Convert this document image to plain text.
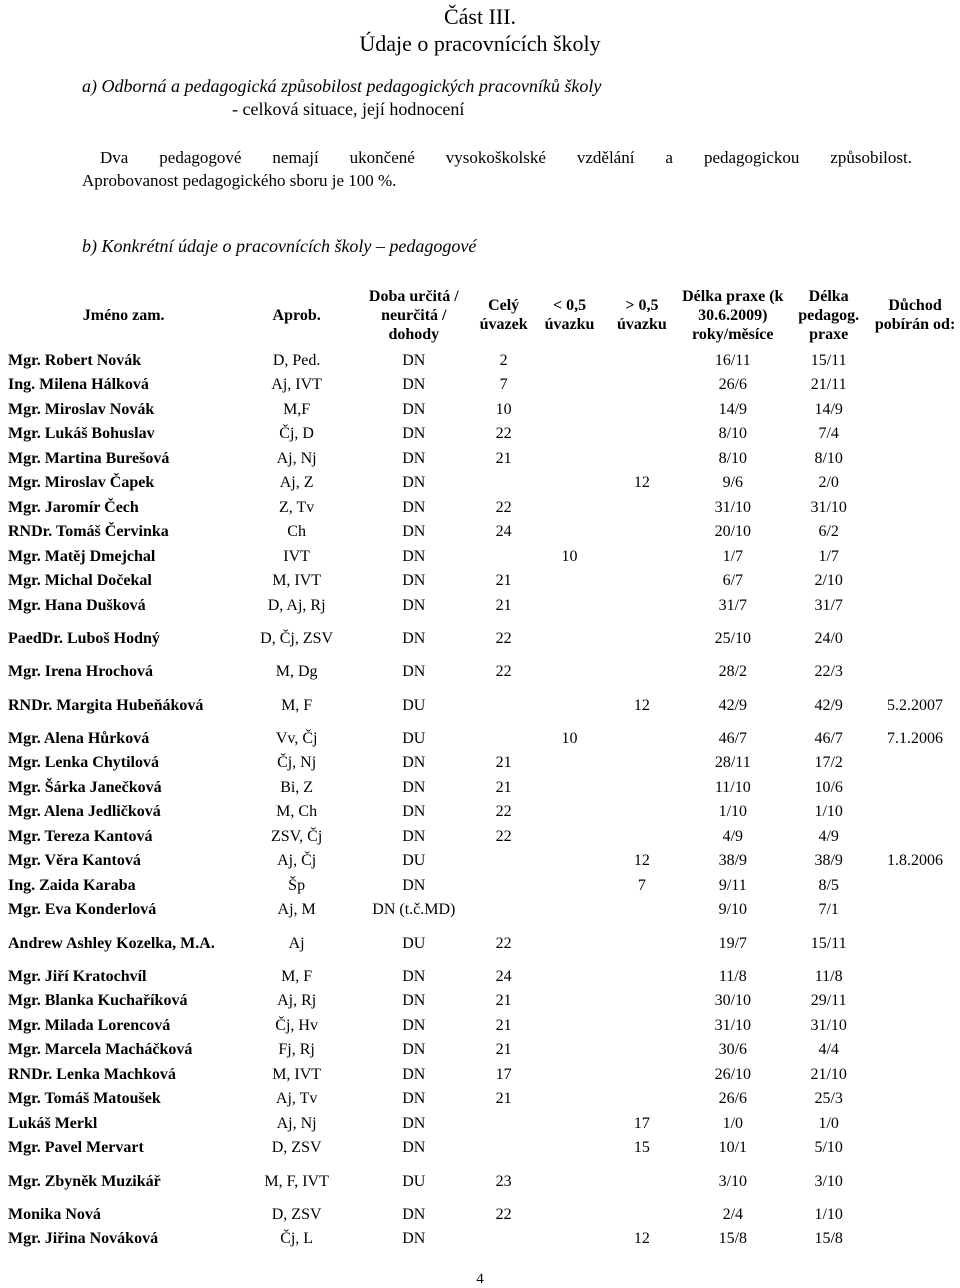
Část III.
Údaje o pracovnících školy
a) Odborná a pedagogická způsobilost pedagogických pracovníků školy
- celková situace, její hodnocení
Dva pedagogové nemají ukončené vysokoškolské vzdělání a pedagogickou způsobilost.
Aprobovanost pedagogického sboru je 100 %.
b) Konkrétní údaje o pracovnících školy – pedagogové
Jméno zam.	Aprob.	Doba určitá / neurčitá / dohody	Celý úvazek	< 0,5 úvazku	> 0,5 úvazku	Délka praxe (k 30.6.2009) roky/měsíce	Délka pedagog. praxe	Důchod pobírán od:
Mgr. Robert Novák	D, Ped.	DN	2			16/11	15/11	
Ing. Milena Hálková	Aj, IVT	DN	7			26/6	21/11	
Mgr. Miroslav Novák	M,F	DN	10			14/9	14/9	
Mgr. Lukáš Bohuslav	Čj, D	DN	22			8/10	7/4	
Mgr. Martina Burešová	Aj, Nj	DN	21			8/10	8/10	
Mgr. Miroslav Čapek	Aj, Z	DN			12	9/6	2/0	
Mgr. Jaromír Čech	Z, Tv	DN	22			31/10	31/10	
RNDr. Tomáš Červinka	Ch	DN	24			20/10	6/2	
Mgr. Matěj Dmejchal	IVT	DN		10		1/7	1/7	
Mgr. Michal Dočekal	M, IVT	DN	21			6/7	2/10	
Mgr. Hana Dušková	D, Aj, Rj	DN	21			31/7	31/7	
PaedDr. Luboš Hodný	D, Čj, ZSV	DN	22			25/10	24/0	
Mgr. Irena Hrochová	M, Dg	DN	22			28/2	22/3	
RNDr. Margita Hubeňáková	M, F	DU			12	42/9	42/9	5.2.2007
Mgr. Alena Hůrková	Vv, Čj	DU		10		46/7	46/7	7.1.2006
Mgr. Lenka Chytilová	Čj, Nj	DN	21			28/11	17/2	
Mgr. Šárka Janečková	Bi, Z	DN	21			11/10	10/6	
Mgr. Alena Jedličková	M, Ch	DN	22			1/10	1/10	
Mgr. Tereza Kantová	ZSV, Čj	DN	22			4/9	4/9	
Mgr. Věra Kantová	Aj, Čj	DU			12	38/9	38/9	1.8.2006
Ing. Zaida Karaba	Šp	DN			7	9/11	8/5	
Mgr. Eva Konderlová	Aj, M	DN (t.č.MD)				9/10	7/1	
Andrew Ashley Kozelka, M.A.	Aj	DU	22			19/7	15/11	
Mgr. Jiří Kratochvíl	M, F	DN	24			11/8	11/8	
Mgr. Blanka Kuchaříková	Aj, Rj	DN	21			30/10	29/11	
Mgr. Milada Lorencová	Čj, Hv	DN	21			31/10	31/10	
Mgr. Marcela Macháčková	Fj, Rj	DN	21			30/6	4/4	
RNDr. Lenka Machková	M, IVT	DN	17			26/10	21/10	
Mgr. Tomáš Matoušek	Aj, Tv	DN	21			26/6	25/3	
Lukáš Merkl	Aj, Nj	DN			17	1/0	1/0	
Mgr. Pavel Mervart	D, ZSV	DN			15	10/1	5/10	
Mgr. Zbyněk Muzikář	M, F, IVT	DU	23			3/10	3/10	
Monika Nová	D, ZSV	DN	22			2/4	1/10	
Mgr. Jiřina Nováková	Čj, L	DN			12	15/8	15/8	
4
